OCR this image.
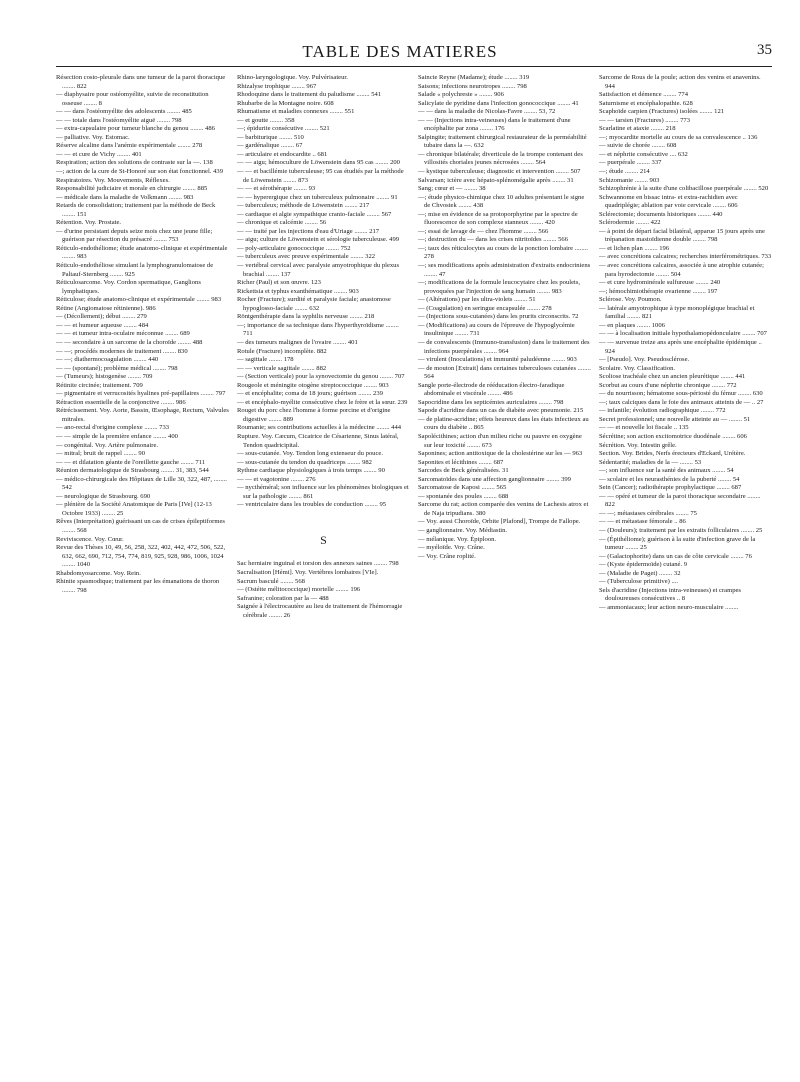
TABLE DES MATIERES	35

Résection costo-pleurale dans une tumeur de la paroi thoracique ........ 822

— diaphysaire pour ostéomyélite, suivie de reconstitution osseuse ........ 8

— — dans l'ostéomyélite des adolescents ........ 485

— — totale dans l'ostéomyélite aiguë ........ 798

— extra-capsulaire pour tumeur blanche du genou ........ 486

— palliative. Voy. Estomac.

Réserve alcaline dans l'anémie expérimentale ........ 278

— — et cure de Vichy ........ 401

Respiration; action des solutions de contraste sur la —. 138

—; action de la cure de St-Honoré sur son état fonctionnel. 439

Respiratoires. Voy. Mouvements, Réflexes.

Responsabilité judiciaire et morale en chirurgie ........ 885

— médicale dans la maladie de Volkmann ........ 983

Retards de consolidation; traitement par la méthode de Beck ........ 151

Rétention. Voy. Prostate.

— d'urine persistant depuis seize mois chez une jeune fille; guérison par résection du présacré ........ 753

Réticulo-endothéliome; étude anatomo-clinique et expérimentale ........ 983

Réticulo-endothéliose simulant la lymphogranulomatose de Paltauf-Sternberg ........ 925

Réticulosarcome. Voy. Cordon spermatique, Ganglions lymphatiques.

Réticulose; étude anatomo-clinique et expérimentale ........ 983

Rétine (Angiomatose rétinienne). 986

— (Décollement); début ........ 279

— — et humeur aqueuse ........ 484

— — et tumeur intra-oculaire méconnue ........ 689

— — secondaire à un sarcome de la choroïde ........ 488

— —; procédés modernes de traitement ........ 830

— —; diathermocoagulation ........ 440

— — (spontané); problème médical ........ 798

— (Tumeurs); histogenèse ........ 709

Rétinite circinée; traitement. 709

— pigmentaire et verrucosités hyalines pré-papillaires ........ 797

Rétraction essentielle de la conjonctive ........ 986

Rétrécissement. Voy. Aorte, Bassin, Œsophage, Rectum, Valvules mitrales.

— ano-rectal d'origine complexe ........ 733

— — simple de la première enfance ........ 400

— congénital. Voy. Artère pulmonaire.

— mitral; bruit de rappel ........ 90

— — et dilatation géante de l'oreillette gauche ........ 711

Réunion dermatologique de Strasbourg ........ 31, 383, 544

— médico-chirurgicale des Hôpitaux de Lille 30, 322, 487, ........ 542

— neurologique de Strasbourg. 690

— plénière de la Société Anatomique de Paris [IVe] (12-13 Octobre 1933) ........ 25

Rêves (Interprétation) guérissant un cas de crises épileptiformes ........ 568

Reviviscence. Voy. Cœur.

Revue des Thèses 10, 49, 56, 258, 322, 402, 442, 472, 506, 522, 632, 662, 690, 712, 754, 774, 819, 925, 928, 986, 1006, 1024 ........ 1040

Rhabdomyosarcome. Voy. Rein.

Rhinite spasmodique; traitement par les émanations de thoron ........ 798

Rhino-laryngologique. Voy. Pulvérisateur.

Rhizalyse trophique ........ 967

Rhodoquine dans le traitement du paludisme ........ 541

Rhubarbe de la Montagne noire. 608

Rhumatisme et maladies connexes ........ 551

— et goutte ........ 358

—; épidurite consécutive ........ 521

— barbiturique ........ 510

— gardénalique ........ 67

— articulaire et endocardite .. 681

— — aigu; hémoculture de Löwenstein dans 95 cas ........ 200

— — et bacillémie tuberculeuse; 95 cas étudiés par la méthode de Löwenstein ........ 873

— — et sérothérapie ........ 93

— — hyperergique chez un tuberculeux pulmonaire ........ 91

— tuberculeux; méthode de Löwenstein ........ 217

— cardiaque et algie sympathique cranio-faciale ........ 567

— chronique et calcémie ........ 56

— — traité par les injections d'eau d'Uriage ........ 217

— aigu; culture de Löwenstein et sérologie tuberculeuse. 499

— poly-articulaire gonococcique ........ 752

— tuberculeux avec preuve expérimentale ........ 322

— vertébral cervical avec paralysie amyotrophique du plexus brachial ........ 137

Richer (Paul) et son œuvre. 123

Rickettsia et typhus exanthématique ........ 903

Rocher (Fracture); surdité et paralysie faciale; anastomose hypoglosso-faciale ........ 632

Röntgenthérapie dans la syphilis nerveuse ........ 218

—; importance de sa technique dans l'hyperthyroïdisme ........ 711

— des tumeurs malignes de l'ovaire ........ 401

Rotule (Fracture) incomplète. 882

— sagittale ........ 178

— — verticale sagittale ........ 882

— (Section verticale) pour la synovectomie du genou ........ 707

Rougeole et méningite otogène streptococcique ........ 903

— et encéphalite; coma de 18 jours; guérison ........ 239

— et encéphalo-myélite consécutive chez le frère et la sœur. 239

Rouget du porc chez l'homme à forme porcine et d'origine digestive ........ 889

Roumanie; ses contributions actuelles à la médecine ........ 444

Rupture. Voy. Cæcum, Cicatrice de Césarienne, Sinus latéral, Tendon quadricipital.

— sous-cutanée. Voy. Tendon long extenseur du pouce.

— sous-cutanée du tendon du quadriceps ........ 982

Rythme cardiaque physiologiques à trois temps ........ 90

— — et vagotonine ........ 276

— nycthéméral; son influence sur les phénomènes biologiques et sur la pathologie ........ 861

— ventriculaire dans les troubles de conduction ........ 95

S

Sac herniaire inguinal et torsion des annexes saines ........ 798

Sacralisation [Hémi]. Voy. Vertèbres lombaires [VIe].

Sacrum basculé ........ 568

— (Ostéite mélitococcique) mortelle ........ 196

Safranine; coloration par la — 488

Saignée à l'électrocautère au lieu de traitement de l'hémorragie cérébrale ........ 26

Saincte Reyne (Madame); étude ........ 319

Saisons; infections neurotropes ........ 798

Salade « polychreste » ........ 906

Salicylate de pyridine dans l'infection gonococcique ........ 41

— — dans la maladie de Nicolas-Favre ........ 53, 72

— — (Injections intra-veineuses) dans le traitement d'une encéphalite par zona ........ 176

Salpingite; traitement chirurgical restaurateur de la perméabilité tubaire dans la —. 632

— chronique bilatérale; diverticule de la trompe contenant des villosités choriales jeunes nécrosées ........ 564

— kystique tuberculeuse; diagnostic et intervention ........ 507

Salvarsan; ictère avec hépato-splénomégalie après ........ 31

Sang; cœur et — ........ 38

—; étude physico-chimique chez 10 adultes présentant le signe de Chvostek ........ 438

—; mise en évidence de sa protoporphyrine par le spectre de fluorescence de son complexe stanneux ........ 420

—; essai de lavage de — chez l'homme ........ 566

—; destruction du — dans les crises nitritoïdes ........ 566

—; taux des réticulocytes au cours de la ponction lombaire ........ 278

—; ses modifications après administration d'extraits endocriniens ........ 47

—; modifications de la formule leucocytaire chez les poulets, provoquées par l'injection de sang humain ........ 983

— (Altérations) par les ultra-violets ........ 51

— (Coagulation) en seringue encapsulée ........ 278

— (Injections sous-cutanées) dans les prurits circonscrits. 72

— (Modifications) au cours de l'épreuve de l'hypoglycémie insulinique ........ 731

— de convalescents (Immuno-transfusion) dans le traitement des infections puerpérales ........ 964

— virulent (Inoculations) et immunité paludéenne ........ 903

— de mouton [Extrait] dans certaines tuberculoses cutanées ........ 564

Sangle porte-électrode de rééducation électro-faradique abdominale et viscérale ........ 486

Sapocridine dans les septicémies auriculaires ........ 798

Sapode d'acridine dans un cas de diabète avec pneumonie. 215

— de platine-acridine; effets heureux dans les états infectieux au cours du diabète .. 865

Sapolécithines; action d'un milieu riche ou pauvre en oxygène sur leur toxicité ........ 673

Saponines; action antitoxique de la cholestérine sur les — 963

Saponites et lécithines ........ 687

Sarcodes de Beck généralisées. 31

Sarcomatoïdes dans une affection ganglionnaire ........ 399

Sarcomatose de Kaposi ........ 565

— spontanée des poules ........ 688

Sarcome du rat; action comparée des venins de Lachesis atrox et de Naja tripudians. 380

— Voy. aussi Choroïde, Orbite [Plafond], Trompe de Fallope.

— ganglionnaire. Voy. Médiastin.

— mélanique. Voy. Épiploon.

— myéloïde. Voy. Crâne.

— Voy. Crâne roplité.

Sarcome de Rous de la poule; action des venins et anavenins. 944

Satisfaction et démence ........ 774

Saturnisme et encéphalopathie. 628

Scaphoïde carpien (Fractures) isolées ........ 121

— — tarsien (Fractures) ........ 773

Scarlatine et ataxie ........ 218

—; myocardite mortelle au cours de sa convalescence .. 136

— suivie de chorée ........ 608

— et néphrite consécutive .... 632

— puerpérale ........ 337

—; étude ........ 214

Schizomanie ........ 903

Schizophrénie à la suite d'une colibacillose puerpérale ........ 520

Schwannome en bissac intra- et extra-rachidien avec quadriplégie; ablation par voie cervicale ........ 606

Sclérectomie; documents historiques ........ 440

Sclérodermie ........ 422

— à point de départ facial bilatéral, apparue 15 jours après une trépanation mastoïdienne double ........ 798

— et lichen plan ........ 196

— avec concrétions calcaires; recherches interférométriques. 733

— avec concrétions calcaires, associée à une atrophie cutanée; para hyrodectomie ........ 504

— et cure hydrominérale sulfureuse ........ 240

—; hémochimiothérapie ovarienne ........ 197

Sclérose. Voy. Poumon.

— latérale amyotrophique à type monoplégique brachial et familial ........ 821

— en plaques ........ 1006

— — à localisation initiale hypothalamopédonculaire ........ 707

— — survenue treize ans après une encéphalite épidémique .. 924

— [Pseudo]. Voy. Pseudosclérose.

Scolaire. Voy. Classification.

Scoliose trachéale chez un ancien pleurétique ........ 441

Scorbut au cours d'une néphrite chronique ........ 772

— du nourrisson; hématome sous-périosté du fémur ........ 630

—; taux calciques dans le foie des animaux atteints de — .. 27

— infantile; évolution radiographique ........ 772

Secret professionnel; une nouvelle atteinte au — ........ 51

— — et nouvelle loi fiscale .. 135

Sécrétine; son action excitomotrice duodénale ........ 606

Sécrétion. Voy. Intestin grêle.

Section. Voy. Brides, Nerfs érecteurs d'Eckard, Urétère.

Sédentarité; maladies de la — ........ 53

—; son influence sur la santé des animaux ........ 54

— scolaire et les neurasthénies de la puberté ........ 54

Sein (Cancer); radiothérapie prophylactique ........ 687

— — opéré et tumeur de la paroi thoracique secondaire ........ 822

— —; métastases cérébrales ........ 75

— — et métastase fémorale .. 86

— (Douleurs); traitement par les extraits folliculaires ........ 25

— (Épithéliome); guérison à la suite d'infection grave de la tumeur ........ 25

— (Galactophorite) dans un cas de côte cervicale ........ 76

— (Kyste épidermoïde) cutané. 9

— (Maladie de Paget) ........ 32

— (Tuberculose primitive) ....

Sels d'acridine (Injections intra-veineuses) et crampes douloureuses consécutives .. 8

— ammoniacaux; leur action neuro-musculaire ........
